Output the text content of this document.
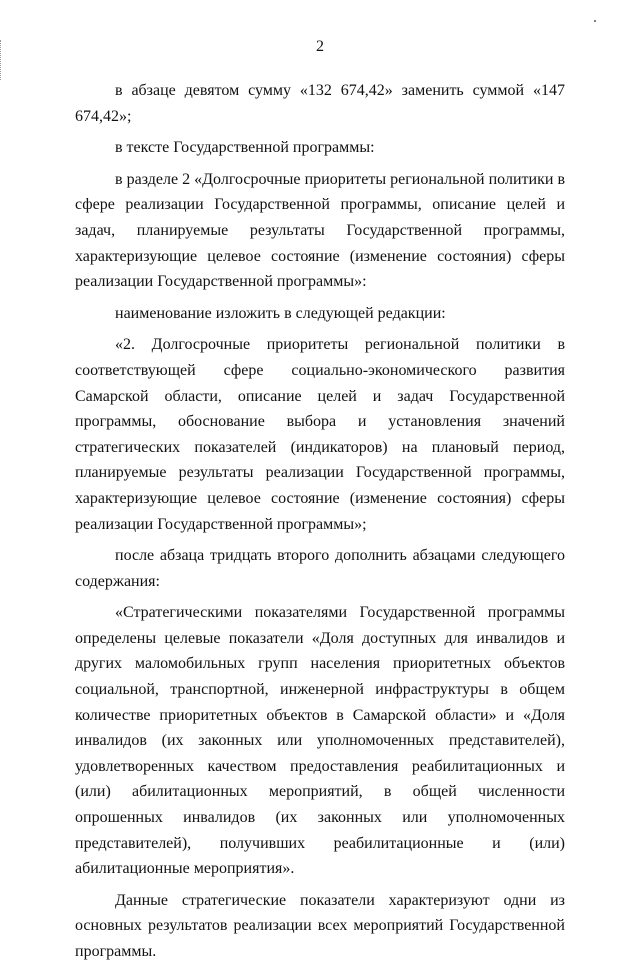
2

в абзаце девятом сумму «132 674,42» заменить суммой «147 674,42»;

в тексте Государственной программы:

в разделе 2 «Долгосрочные приоритеты региональной политики в сфере реализации Государственной программы, описание целей и задач, планируемые результаты Государственной программы, характеризующие целевое состояние (изменение состояния) сферы реализации Государственной программы»:

наименование изложить в следующей редакции:

«2. Долгосрочные приоритеты региональной политики в соответствующей сфере социально-экономического развития Самарской области, описание целей и задач Государственной программы, обоснование выбора и установления значений стратегических показателей (индикаторов) на плановый период, планируемые результаты реализации Государственной программы, характеризующие целевое состояние (изменение состояния) сферы реализации Государственной программы»;

после абзаца тридцать второго дополнить абзацами следующего содержания:

«Стратегическими показателями Государственной программы определены целевые показатели «Доля доступных для инвалидов и других маломобильных групп населения приоритетных объектов социальной, транспортной, инженерной инфраструктуры в общем количестве приоритетных объектов в Самарской области» и «Доля инвалидов (их законных или уполномоченных представителей), удовлетворенных качеством предоставления реабилитационных и (или) абилитационных мероприятий, в общей численности опрошенных инвалидов (их законных или уполномоченных представителей), получивших реабилитационные и (или) абилитационные мероприятия».

Данные стратегические показатели характеризуют одни из основных результатов реализации всех мероприятий Государственной программы.
